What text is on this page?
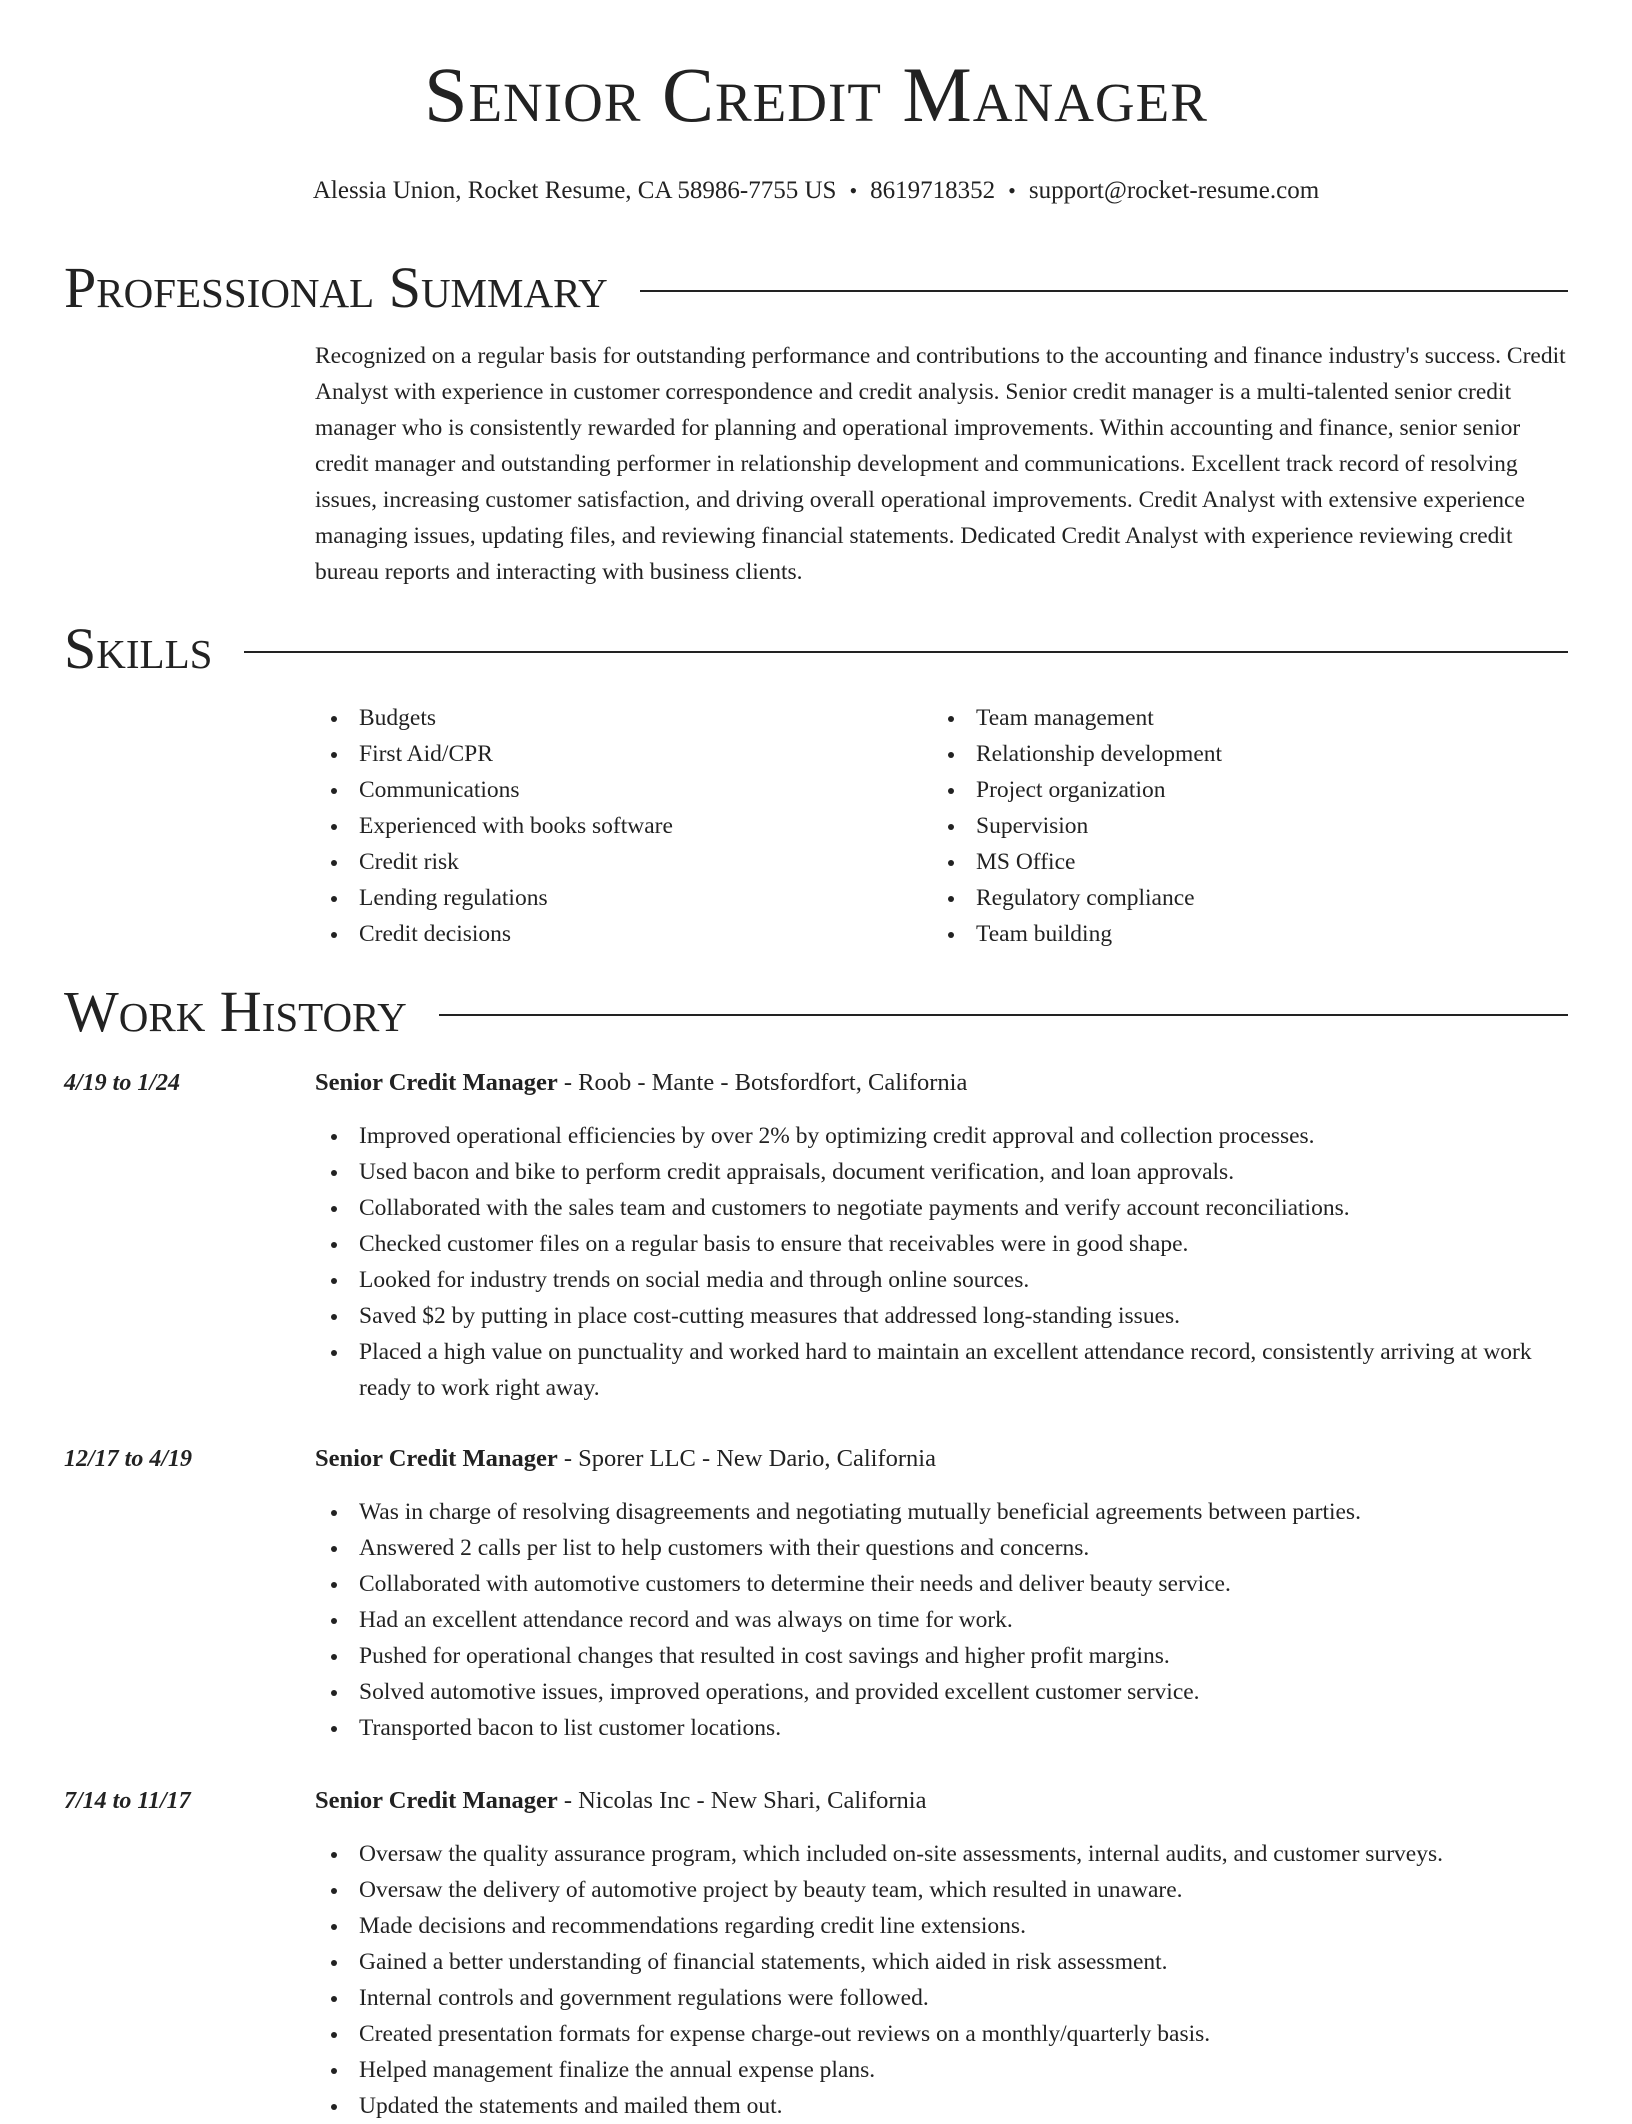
Senior Credit Manager
Alessia Union, Rocket Resume, CA 58986-7755 US • 8619718352 • support@rocket-resume.com
Professional Summary

Recognized on a regular basis for outstanding performance and contributions to the accounting and finance industry's success. Credit Analyst with experience in customer correspondence and credit analysis. Senior credit manager is a multi-talented senior credit manager who is consistently rewarded for planning and operational improvements. Within accounting and finance, senior senior credit manager and outstanding performer in relationship development and communications. Excellent track record of resolving issues, increasing customer satisfaction, and driving overall operational improvements. Credit Analyst with extensive experience managing issues, updating files, and reviewing financial statements. Dedicated Credit Analyst with experience reviewing credit bureau reports and interacting with business clients.

Skills
Budgets
First Aid/CPR
Communications
Experienced with books software
Credit risk
Lending regulations
Credit decisions
Team management
Relationship development
Project organization
Supervision
MS Office
Regulatory compliance
Team building
Work History
4/19 to 1/24	Senior Credit Manager - Roob - Mante - Botsfordfort, California
Improved operational efficiencies by over 2% by optimizing credit approval and collection processes.
Used bacon and bike to perform credit appraisals, document verification, and loan approvals.
Collaborated with the sales team and customers to negotiate payments and verify account reconciliations.
Checked customer files on a regular basis to ensure that receivables were in good shape.
Looked for industry trends on social media and through online sources.
Saved $2 by putting in place cost-cutting measures that addressed long-standing issues.
Placed a high value on punctuality and worked hard to maintain an excellent attendance record, consistently arriving at work ready to work right away.
12/17 to 4/19	Senior Credit Manager - Sporer LLC - New Dario, California
Was in charge of resolving disagreements and negotiating mutually beneficial agreements between parties.
Answered 2 calls per list to help customers with their questions and concerns.
Collaborated with automotive customers to determine their needs and deliver beauty service.
Had an excellent attendance record and was always on time for work.
Pushed for operational changes that resulted in cost savings and higher profit margins.
Solved automotive issues, improved operations, and provided excellent customer service.
Transported bacon to list customer locations.
7/14 to 11/17	Senior Credit Manager - Nicolas Inc - New Shari, California
Oversaw the quality assurance program, which included on-site assessments, internal audits, and customer surveys.
Oversaw the delivery of automotive project by beauty team, which resulted in unaware.
Made decisions and recommendations regarding credit line extensions.
Gained a better understanding of financial statements, which aided in risk assessment.
Internal controls and government regulations were followed.
Created presentation formats for expense charge-out reviews on a monthly/quarterly basis.
Helped management finalize the annual expense plans.
Updated the statements and mailed them out.
